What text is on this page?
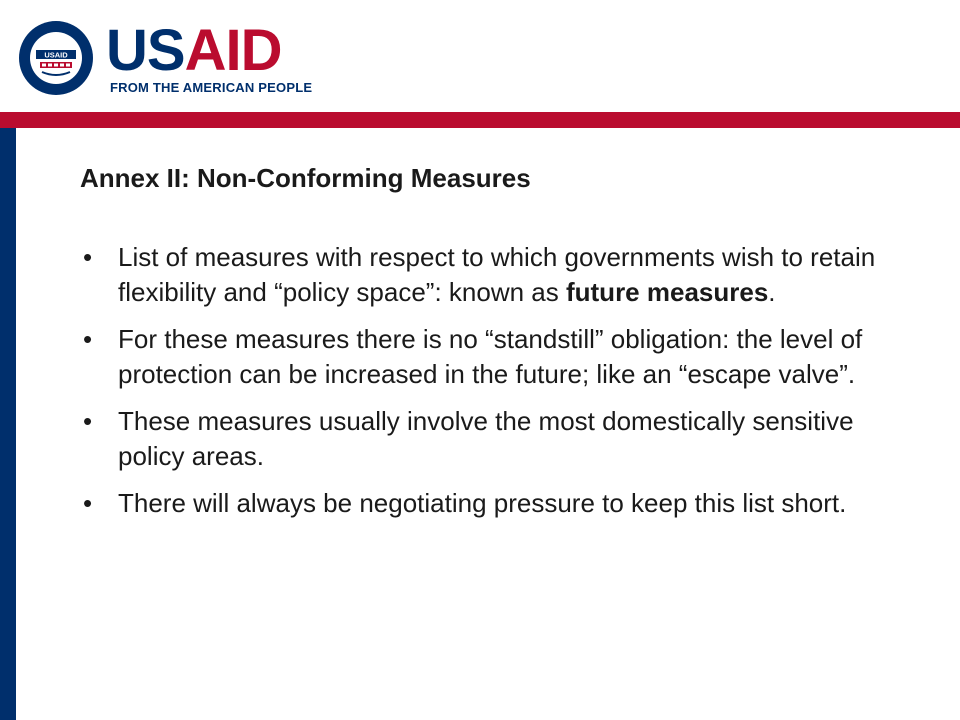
USAID USAID
FROM THE AMERICAN PEOPLE
Annex II: Non-Conforming Measures
• List of measures with respect to which governments wish to retain flexibility and “policy space”: known as future measures.
• For these measures there is no “standstill” obligation: the level of protection can be increased in the future; like an “escape valve”.
• These measures usually involve the most domestically sensitive policy areas.
• There will always be negotiating pressure to keep this list short.
